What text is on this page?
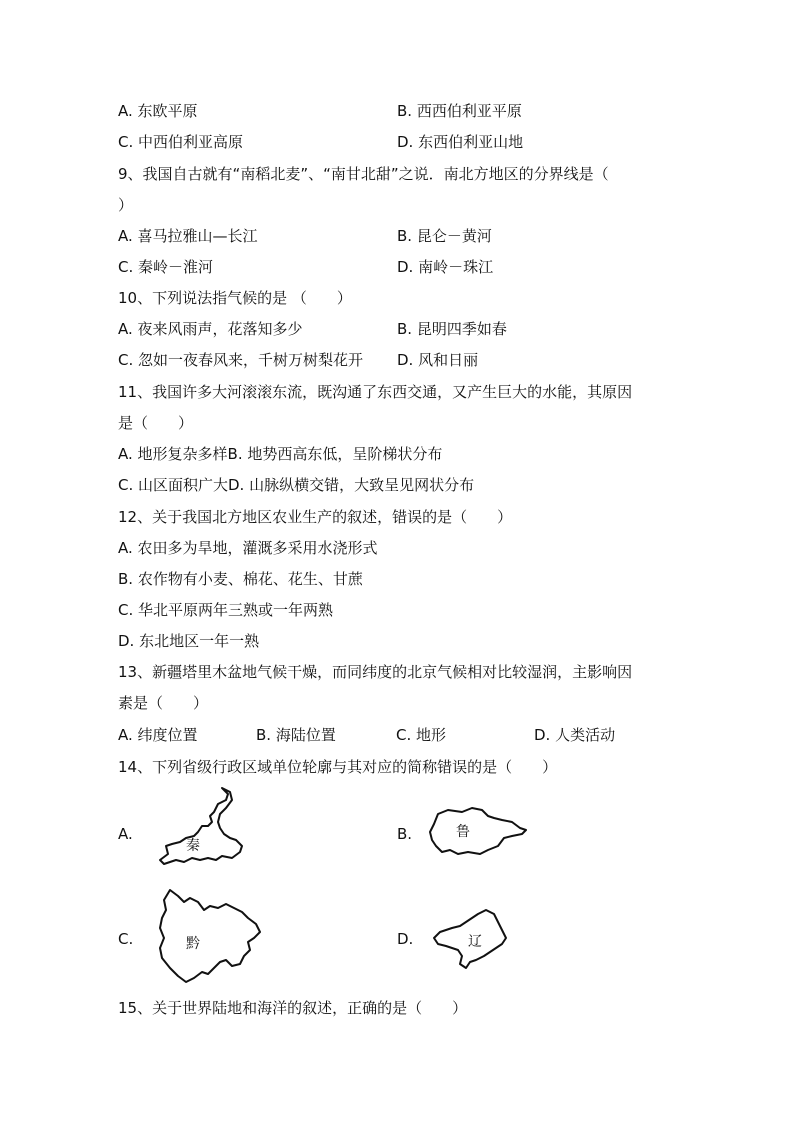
A. 东欧平原	B. 西西伯利亚平原
C. 中西伯利亚高原	D. 东西伯利亚山地
9、我国自古就有“南稻北麦”、“南甘北甜”之说．南北方地区的分界线是（
）
A. 喜马拉雅山—长江	B. 昆仑－黄河
C. 秦岭－淮河	D. 南岭－珠江
10、下列说法指气候的是 （　　）
A. 夜来风雨声，花落知多少	B. 昆明四季如春
C. 忽如一夜春风来，千树万树梨花开 D. 风和日丽
11、我国许多大河滚滚东流，既沟通了东西交通，又产生巨大的水能，其原因
是（　　）
A. 地形复杂多样B. 地势西高东低，呈阶梯状分布
C. 山区面积广大D. 山脉纵横交错，大致呈见网状分布
12、关于我国北方地区农业生产的叙述，错误的是（　　）
A. 农田多为旱地，灌溉多采用水浇形式
B. 农作物有小麦、棉花、花生、甘蔗
C. 华北平原两年三熟或一年两熟
D. 东北地区一年一熟
13、新疆塔里木盆地气候干燥，而同纬度的北京气候相对比较湿润，主影响因
素是（　　）
A. 纬度位置	B. 海陆位置	C. 地形	D. 人类活动
14、下列省级行政区域单位轮廓与其对应的简称错误的是（　　）
A.
秦
B.	鲁
C.	黔	D.	辽
15、关于世界陆地和海洋的叙述，正确的是（　　）
